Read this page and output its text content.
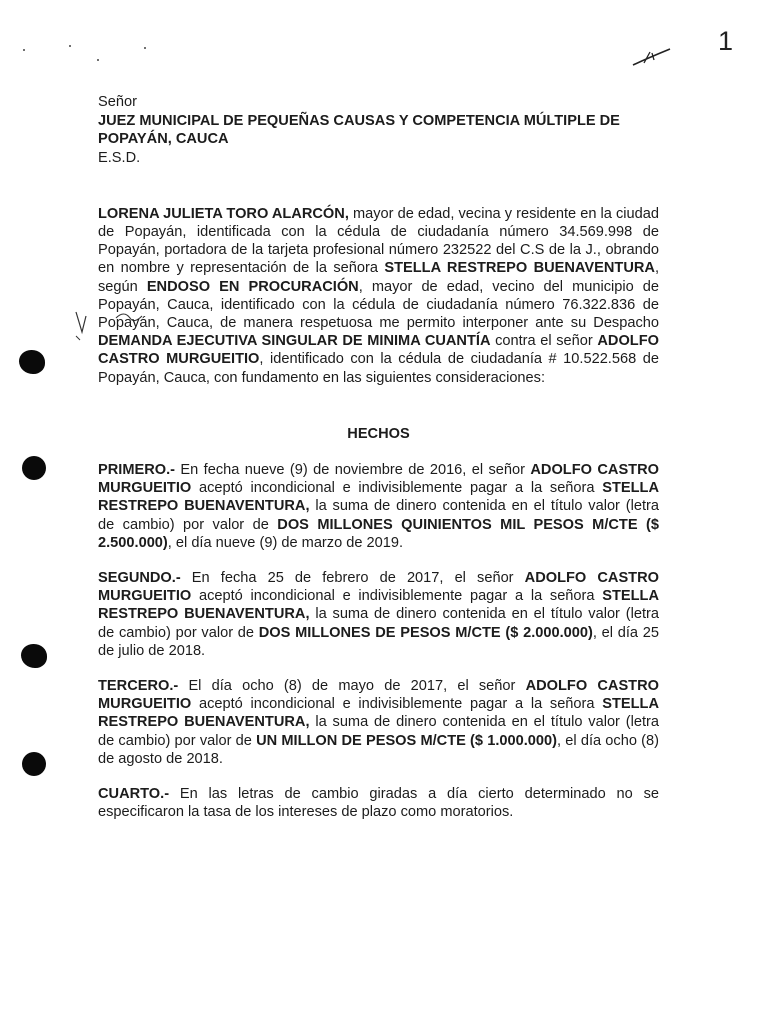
1

Señor

JUEZ MUNICIPAL DE PEQUEÑAS CAUSAS Y COMPETENCIA MÚLTIPLE DE
POPAYÁN, CAUCA

E.S.D.

LORENA JULIETA TORO ALARCÓN, mayor de edad, vecina y residente en la ciudad de Popayán, identificada con la cédula de ciudadanía número 34.569.998 de Popayán, portadora de la tarjeta profesional número 232522 del C.S de la J., obrando en nombre y representación de la señora STELLA RESTREPO BUENAVENTURA, según ENDOSO EN PROCURACIÓN, mayor de edad, vecino del municipio de Popayán, Cauca, identificado con la cédula de ciudadanía número 76.322.836 de Popayán, Cauca, de manera respetuosa me permito interponer ante su Despacho DEMANDA EJECUTIVA SINGULAR DE MINIMA CUANTÍA contra el señor ADOLFO CASTRO MURGUEITIO, identificado con la cédula de ciudadanía # 10.522.568 de Popayán, Cauca, con fundamento en las siguientes consideraciones:

HECHOS

PRIMERO.- En fecha nueve (9) de noviembre de 2016, el señor ADOLFO CASTRO MURGUEITIO aceptó incondicional e indivisiblemente pagar a la señora STELLA RESTREPO BUENAVENTURA, la suma de dinero contenida en el título valor (letra de cambio) por valor de DOS MILLONES QUINIENTOS MIL PESOS M/CTE ($ 2.500.000), el día nueve (9) de marzo de 2019.

SEGUNDO.- En fecha 25 de febrero de 2017, el señor ADOLFO CASTRO MURGUEITIO aceptó incondicional e indivisiblemente pagar a la señora STELLA RESTREPO BUENAVENTURA, la suma de dinero contenida en el título valor (letra de cambio) por valor de DOS MILLONES DE PESOS M/CTE ($ 2.000.000), el día 25 de julio de 2018.

TERCERO.- El día ocho (8) de mayo de 2017, el señor ADOLFO CASTRO MURGUEITIO aceptó incondicional e indivisiblemente pagar a la señora STELLA RESTREPO BUENAVENTURA, la suma de dinero contenida en el título valor (letra de cambio) por valor de UN MILLON DE PESOS M/CTE ($ 1.000.000), el día ocho (8) de agosto de 2018.

CUARTO.- En las letras de cambio giradas a día cierto determinado no se especificaron la tasa de los intereses de plazo como moratorios.
